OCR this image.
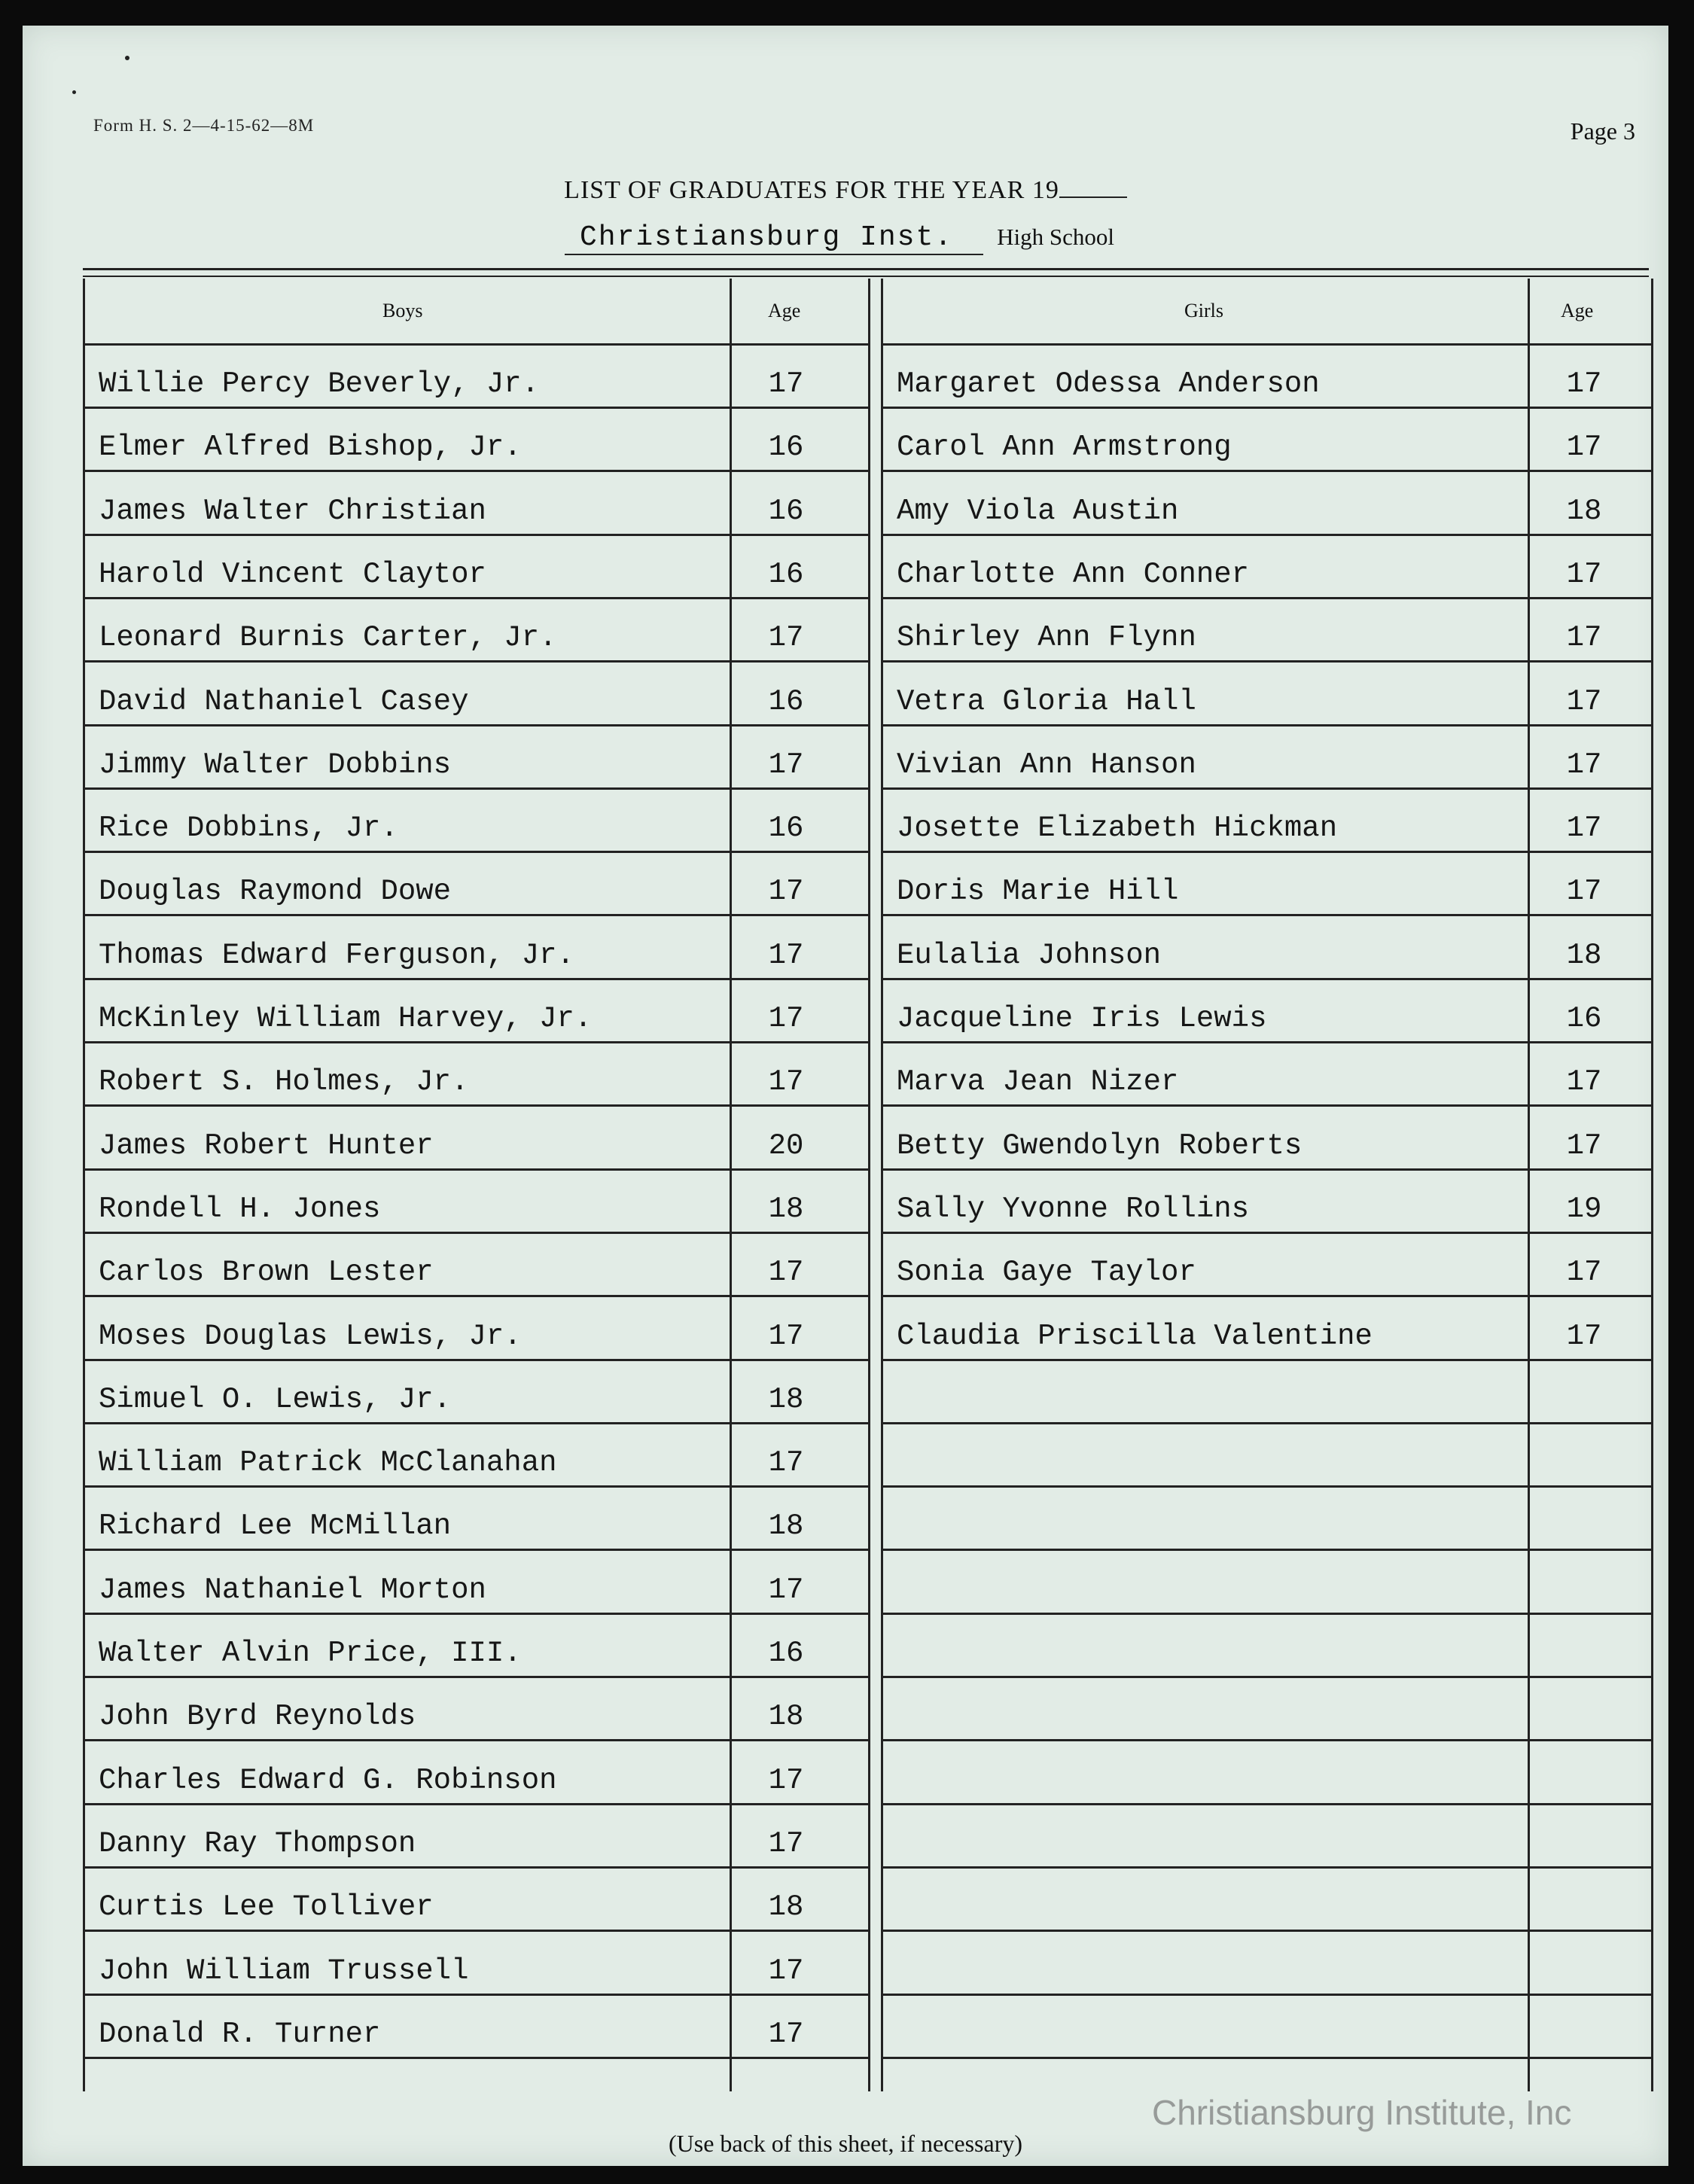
Form H. S. 2—4-15-62—8M	Page 3
LIST OF GRADUATES FOR THE YEAR 19
Christiansburg Inst. High School
Boys	Age
Willie Percy Beverly, Jr.	17
Elmer Alfred Bishop, Jr.	16
James Walter Christian	16
Harold Vincent Claytor	16
Leonard Burnis Carter, Jr.	17
David Nathaniel Casey	16
Jimmy Walter Dobbins	17
Rice Dobbins, Jr.	16
Douglas Raymond Dowe	17
Thomas Edward Ferguson, Jr.	17
McKinley William Harvey, Jr.	17
Robert S. Holmes, Jr.	17
James Robert Hunter	20
Rondell H. Jones	18
Carlos Brown Lester	17
Moses Douglas Lewis, Jr.	17
Simuel O. Lewis, Jr.	18
William Patrick McClanahan	17
Richard Lee McMillan	18
James Nathaniel Morton	17
Walter Alvin Price, III.	16
John Byrd Reynolds	18
Charles Edward G. Robinson	17
Danny Ray Thompson	17
Curtis Lee Tolliver	18
John William Trussell	17
Donald R. Turner	17
Girls	Age
Margaret Odessa Anderson	17
Carol Ann Armstrong	17
Amy Viola Austin	18
Charlotte Ann Conner	17
Shirley Ann Flynn	17
Vetra Gloria Hall	17
Vivian Ann Hanson	17
Josette Elizabeth Hickman	17
Doris Marie Hill	17
Eulalia Johnson	18
Jacqueline Iris Lewis	16
Marva Jean Nizer	17
Betty Gwendolyn Roberts	17
Sally Yvonne Rollins	19
Sonia Gaye Taylor	17
Claudia Priscilla Valentine	17
(Use back of this sheet, if necessary)
Christiansburg Institute, Inc
